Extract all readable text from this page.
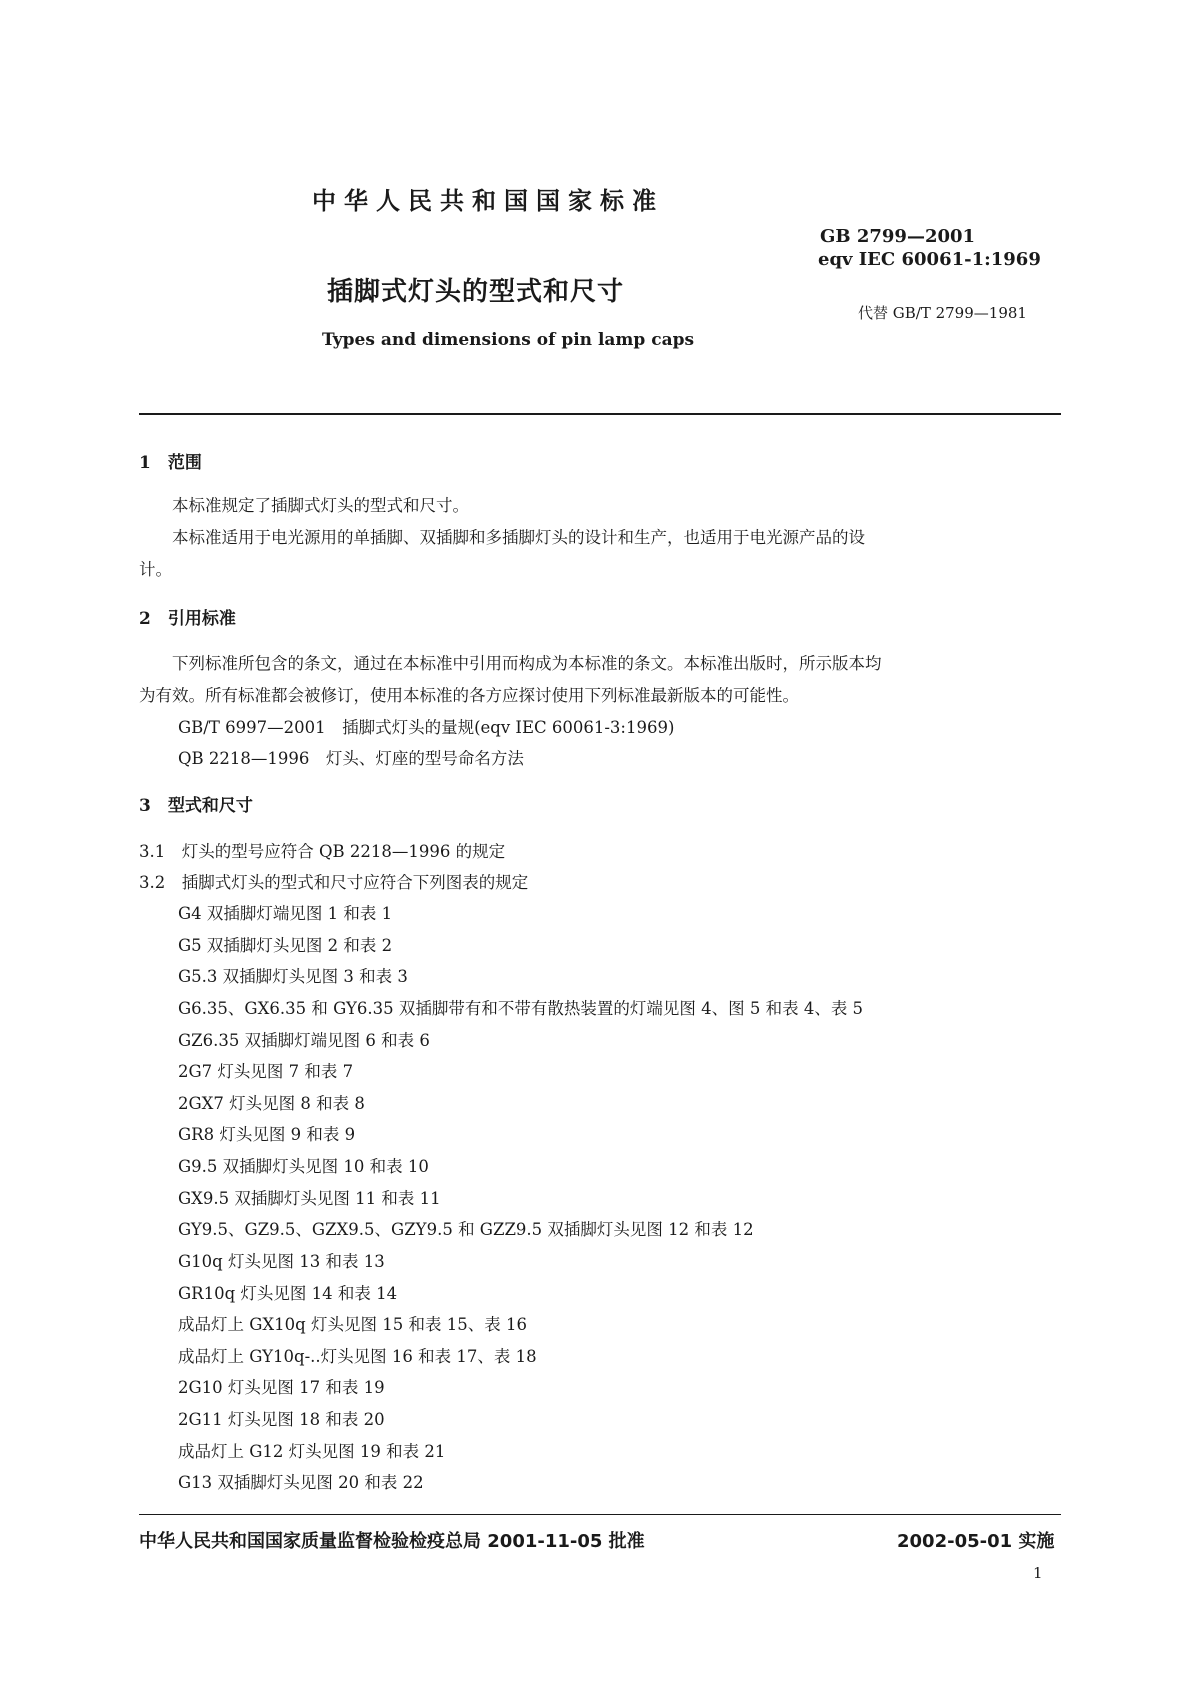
中华人民共和国国家标准
GB 2799—2001
eqv IEC 60061-1:1969
插脚式灯头的型式和尺寸
代替 GB/T 2799—1981
Types and dimensions of pin lamp caps
1　范围
本标准规定了插脚式灯头的型式和尺寸。
本标准适用于电光源用的单插脚、双插脚和多插脚灯头的设计和生产，也适用于电光源产品的设
计。
2　引用标准
下列标准所包含的条文，通过在本标准中引用而构成为本标准的条文。本标准出版时，所示版本均
为有效。所有标准都会被修订，使用本标准的各方应探讨使用下列标准最新版本的可能性。
GB/T 6997—2001　插脚式灯头的量规(eqv IEC 60061-3:1969)
QB 2218—1996　灯头、灯座的型号命名方法
3　型式和尺寸
3.1　灯头的型号应符合 QB 2218—1996 的规定
3.2　插脚式灯头的型式和尺寸应符合下列图表的规定
G4 双插脚灯端见图 1 和表 1
G5 双插脚灯头见图 2 和表 2
G5.3 双插脚灯头见图 3 和表 3
G6.35、GX6.35 和 GY6.35 双插脚带有和不带有散热装置的灯端见图 4、图 5 和表 4、表 5
GZ6.35 双插脚灯端见图 6 和表 6
2G7 灯头见图 7 和表 7
2GX7 灯头见图 8 和表 8
GR8 灯头见图 9 和表 9
G9.5 双插脚灯头见图 10 和表 10
GX9.5 双插脚灯头见图 11 和表 11
GY9.5、GZ9.5、GZX9.5、GZY9.5 和 GZZ9.5 双插脚灯头见图 12 和表 12
G10q 灯头见图 13 和表 13
GR10q 灯头见图 14 和表 14
成品灯上 GX10q 灯头见图 15 和表 15、表 16
成品灯上 GY10q-..灯头见图 16 和表 17、表 18
2G10 灯头见图 17 和表 19
2G11 灯头见图 18 和表 20
成品灯上 G12 灯头见图 19 和表 21
G13 双插脚灯头见图 20 和表 22
中华人民共和国国家质量监督检验检疫总局 2001-11-05 批准	2002-05-01 实施
1
